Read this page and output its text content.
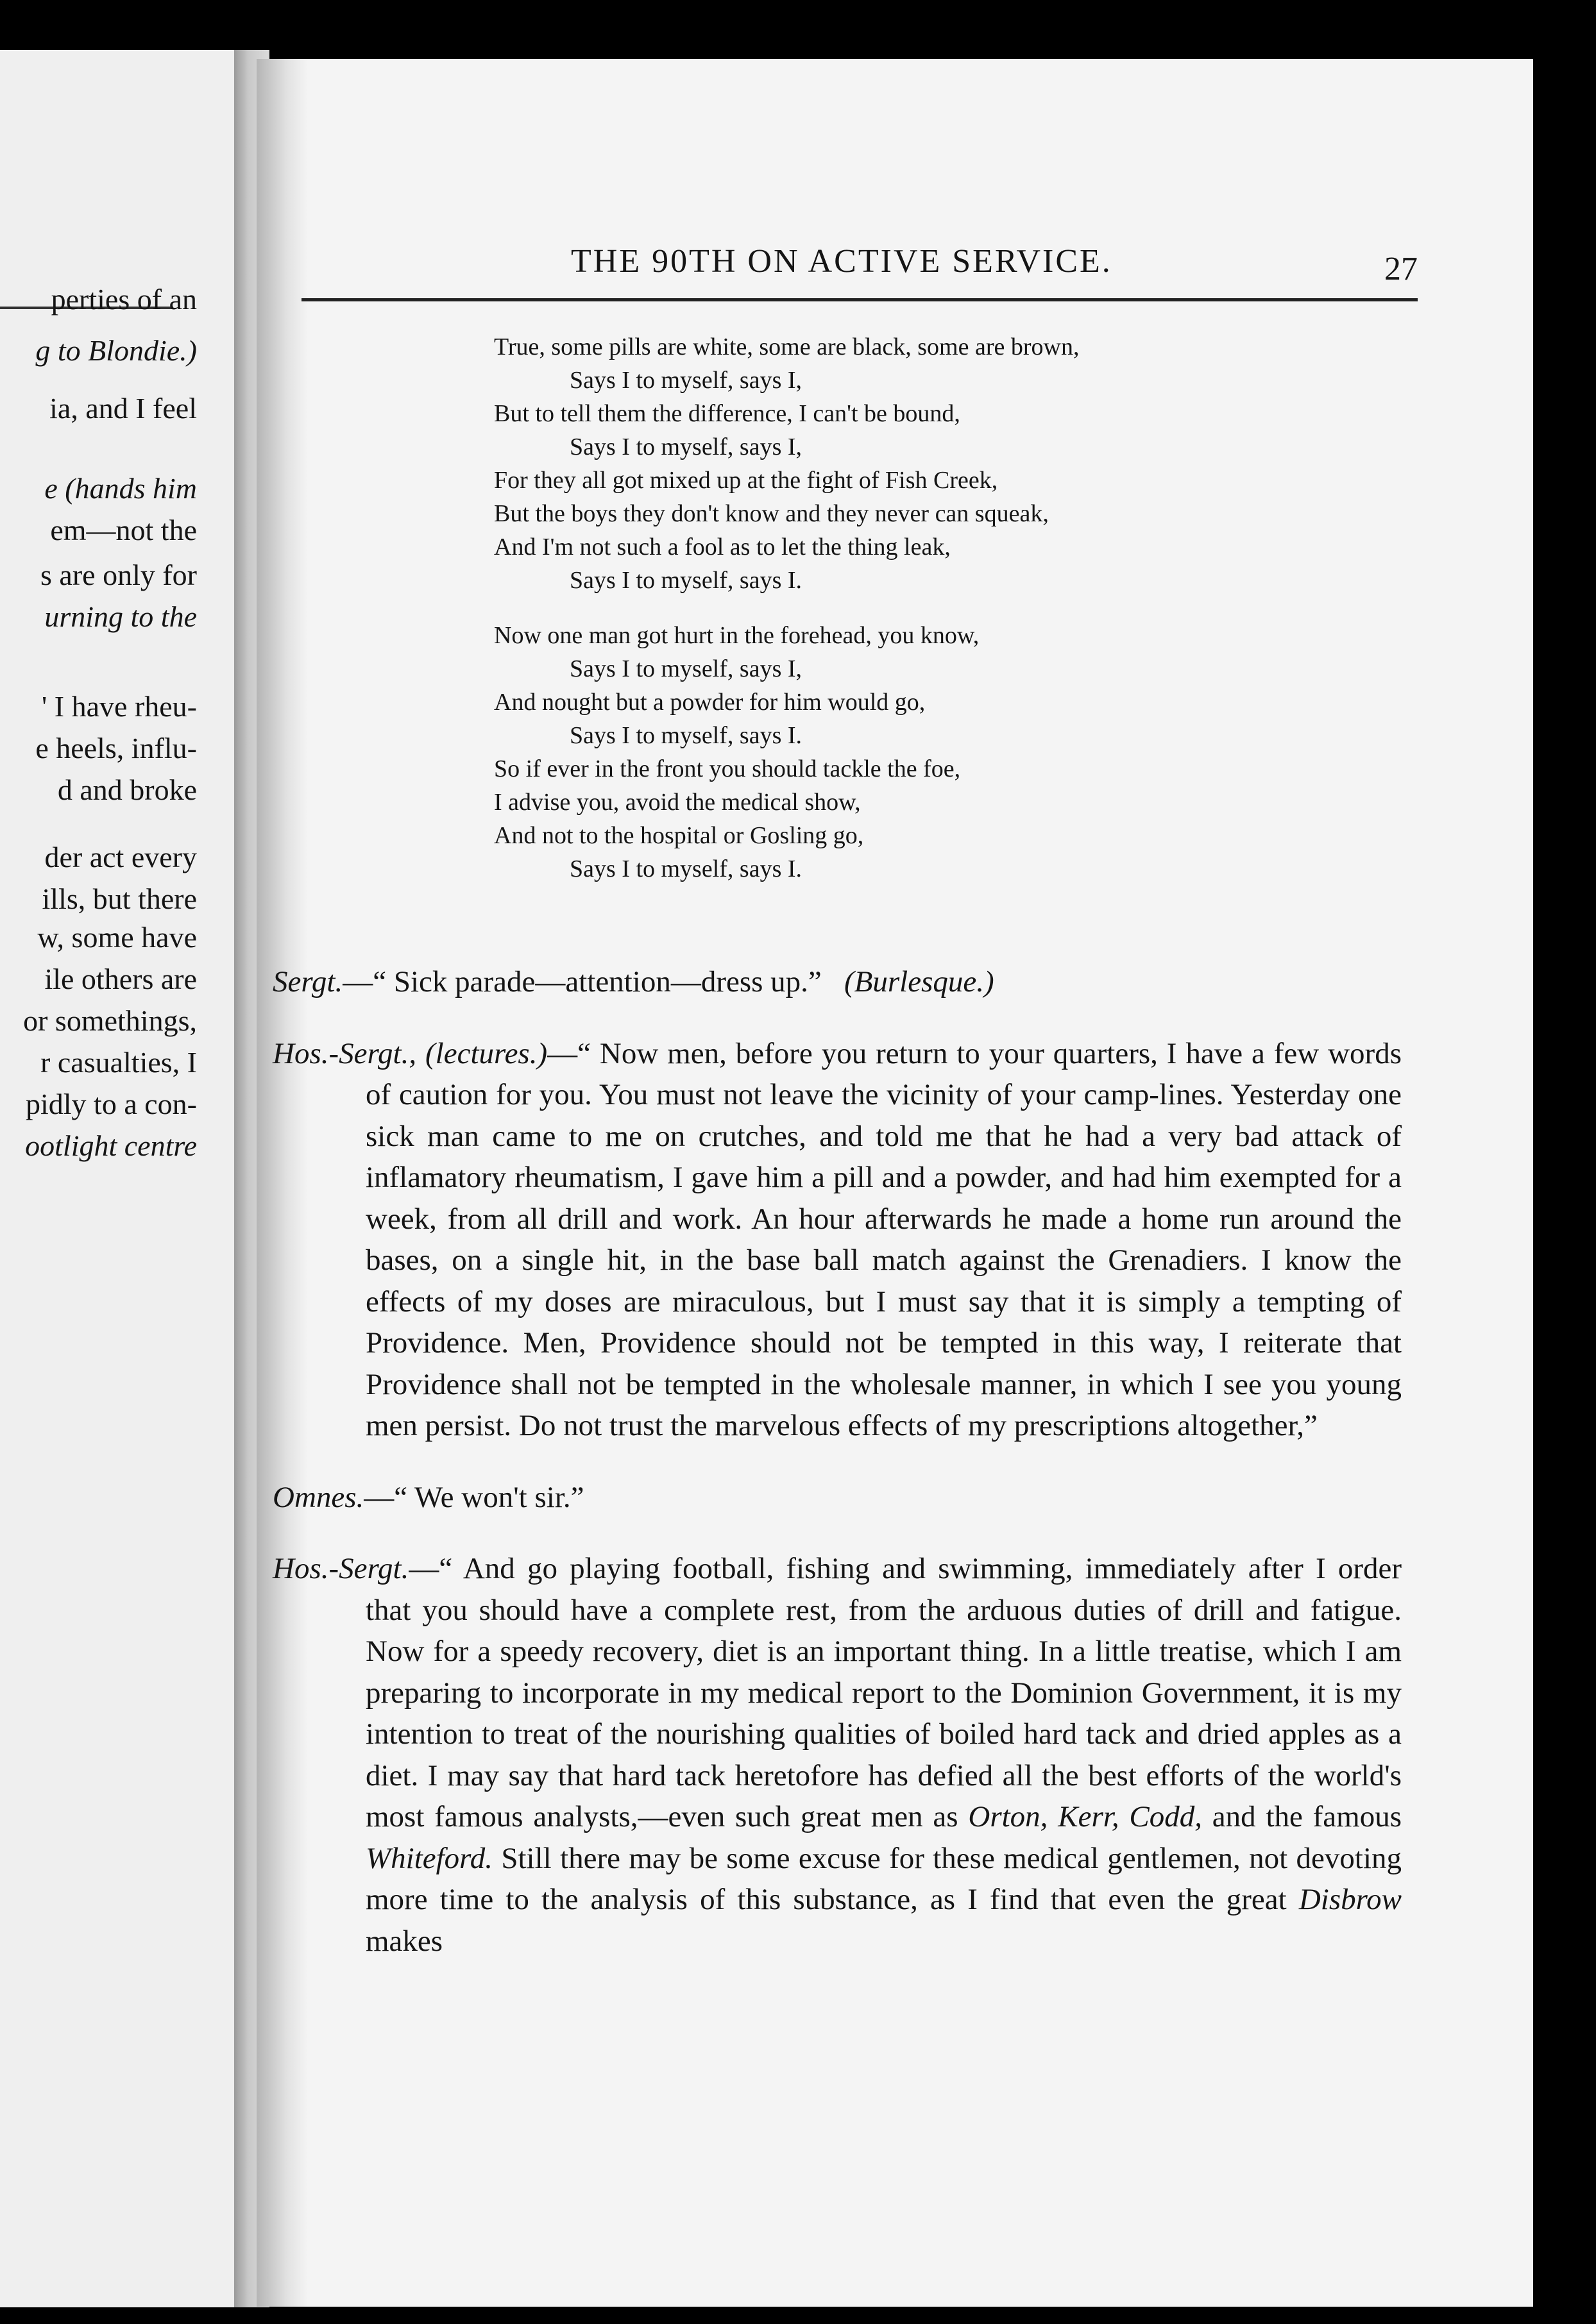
perties of an
g to Blondie.)
ia, and I feel
e (hands him
em—not the
s are only for
urning to the
' I have rheu-
e heels, influ-
d and broke
der act every
ills, but there
w, some have
ile others are
or somethings,
r casualties, I
pidly to a con-
ootlight centre
THE 90TH ON ACTIVE SERVICE.	27
True, some pills are white, some are black, some are brown,
Says I to myself, says I,
But to tell them the difference, I can't be bound,
Says I to myself, says I,
For they all got mixed up at the fight of Fish Creek,
But the boys they don't know and they never can squeak,
And I'm not such a fool as to let the thing leak,
Says I to myself, says I.
Now one man got hurt in the forehead, you know,
Says I to myself, says I,
And nought but a powder for him would go,
Says I to myself, says I.
So if ever in the front you should tackle the foe,
I advise you, avoid the medical show,
And not to the hospital or Gosling go,
Says I to myself, says I.

Sergt.—“ Sick parade—attention—dress up.” (Burlesque.)

Hos.-Sergt., (lectures.)—“ Now men, before you return to your quarters, I have a few words of caution for you. You must not leave the vicinity of your camp-lines. Yesterday one sick man came to me on crutches, and told me that he had a very bad attack of inflamatory rheumatism, I gave him a pill and a powder, and had him exempted for a week, from all drill and work. An hour afterwards he made a home run around the bases, on a single hit, in the base ball match against the Grenadiers. I know the effects of my doses are miraculous, but I must say that it is simply a tempting of Providence. Men, Providence should not be tempted in this way, I reiterate that Providence shall not be tempted in the wholesale manner, in which I see you young men persist. Do not trust the marvelous effects of my prescriptions altogether,”

Omnes.—“ We won't sir.”

Hos.-Sergt.—“ And go playing football, fishing and swimming, immediately after I order that you should have a complete rest, from the arduous duties of drill and fatigue. Now for a speedy recovery, diet is an important thing. In a little treatise, which I am preparing to incorporate in my medical report to the Dominion Government, it is my intention to treat of the nourishing qualities of boiled hard tack and dried apples as a diet. I may say that hard tack heretofore has defied all the best efforts of the world's most famous analysts,—even such great men as Orton, Kerr, Codd, and the famous Whiteford. Still there may be some excuse for these medical gentlemen, not devoting more time to the analysis of this substance, as I find that even the great Disbrow makes
